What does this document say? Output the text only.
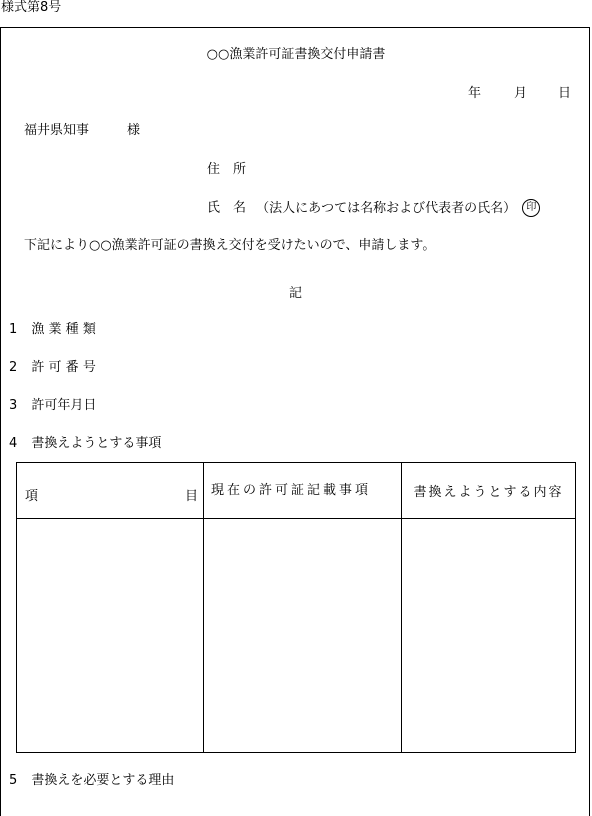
様式第8号
○○漁業許可証書換交付申請書
年	月 日
福井県知事	様
住　所
氏　名 （法人にあつては名称および代表者の氏名） 印
下記により○○漁業許可証の書換え交付を受けたいので、申請します。
記
1 漁 業 種 類
2 許 可 番 号
3 許可年月日
4 書換えようとする事項
項 目	現在の許可証記載事項	書換えようとする内容

5 書換えを必要とする理由
